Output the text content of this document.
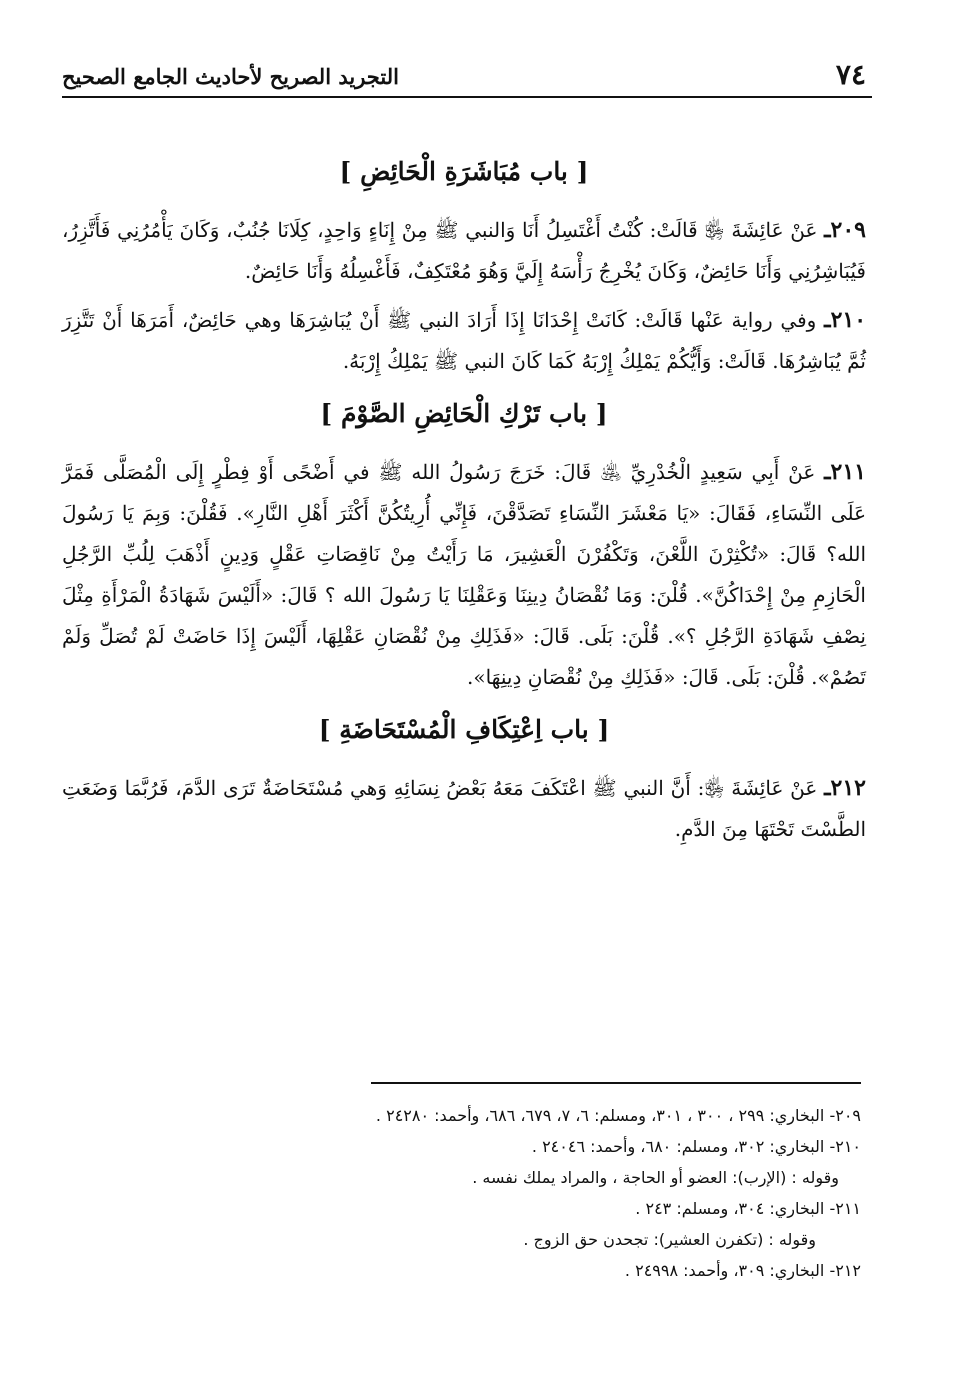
٧٤
التجريد الصريح لأحاديث الجامع الصحيح
[ باب مُبَاشَرَةِ الْحَائِضِ ]

٢٠٩ـ عَنْ عَائِشَةَ ﵂ قَالَتْ: كُنْتُ أَغْتَسِلُ أَنَا وَالنبي ﷺ مِنْ إِنَاءٍ وَاحِدٍ، كِلَانَا جُنُبٌ، وَكَانَ يَأْمُرُنِي فَأَتَّزِرُ، فَيُبَاشِرُنِي وَأَنَا حَائِضٌ، وَكَانَ يُخْرِجُ رَأْسَهُ إِلَيَّ وَهُوَ مُعْتَكِفٌ، فَأَغْسِلُهُ وَأَنَا حَائِضٌ.

٢١٠ـ وفي رواية عَنْها قَالَتْ: كَانَتْ إِحْدَانَا إِذَا أَرَادَ النبي ﷺ أَنْ يُبَاشِرَهَا وهي حَائِضٌ، أَمَرَهَا أَنْ تَتَّزِرَ ثُمَّ يُبَاشِرُهَا. قَالَتْ: وَأَيُّكُمْ يَمْلِكُ إِرْبَهُ كَمَا كَانَ النبي ﷺ يَمْلِكُ إِرْبَهُ.

[ باب تَرْكِ الْحَائِضِ الصَّوْمَ ]

٢١١ـ عَنْ أَبِي سَعِيدٍ الْخُدْرِيِّ ﵁ قَالَ: خَرَجَ رَسُولُ الله ﷺ في أَضْحًى أَوْ فِطْرٍ إِلَى الْمُصَلَّى فَمَرَّ عَلَى النِّسَاءِ، فَقَالَ: «يَا مَعْشَرَ النِّسَاءِ تَصَدَّقْنَ، فَإِنِّي أُرِيتُكُنَّ أَكْثَرَ أَهْلِ النَّارِ». فَقُلْنَ: وَبِمَ يَا رَسُولَ الله؟ قَالَ: «تُكْثِرْنَ اللَّعْنَ، وَتَكْفُرْنَ الْعَشِيرَ، مَا رَأَيْتُ مِنْ نَاقِصَاتِ عَقْلٍ وَدِينٍ أَذْهَبَ لِلُبِّ الرَّجُلِ الْحَازِمِ مِنْ إِحْدَاكُنَّ». قُلْنَ: وَمَا نُقْصَانُ دِينِنَا وَعَقْلِنَا يَا رَسُولَ الله ؟ قَالَ: «أَلَيْسَ شَهَادَةُ الْمَرْأَةِ مِثْلَ نِصْفِ شَهَادَةِ الرَّجُلِ ؟». قُلْنَ: بَلَى. قَالَ: «فَذَلِكِ مِنْ نُقْصَانِ عَقْلِهَا، أَلَيْسَ إِذَا حَاضَتْ لَمْ تُصَلِّ وَلَمْ تَصُمْ». قُلْنَ: بَلَى. قَالَ: «فَذَلِكِ مِنْ نُقْصَانِ دِينِهَا».

[ باب اِعْتِكَافِ الْمُسْتَحَاضَةِ ]

٢١٢ـ عَنْ عَائِشَةَ ﵂: أَنَّ النبي ﷺ اعْتَكَفَ مَعَهُ بَعْضُ نِسَائِهِ وَهي مُسْتَحَاضَةٌ تَرَى الدَّمَ، فَرُبَّمَا وَضَعَتِ الطَّسْتَ تَحْتَهَا مِنَ الدَّمِ.

٢٠٩- البخاري: ٢٩٩ ، ٣٠٠ ، ٣٠١، ومسلم: ٦، ٧، ٦٧٩، ٦٨٦، وأحمد: ٢٤٢٨٠ .
٢١٠- البخاري: ٣٠٢، ومسلم: ٦٨٠، وأحمد: ٢٤٠٤٦ .
وقوله : (الإرب): العضو أو الحاجة ، والمراد يملك نفسه .
٢١١- البخاري: ٣٠٤، ومسلم: ٢٤٣ .
وقوله : (تكفرن العشير): تجحدن حق الزوج .
٢١٢- البخاري: ٣٠٩، وأحمد: ٢٤٩٩٨ .
